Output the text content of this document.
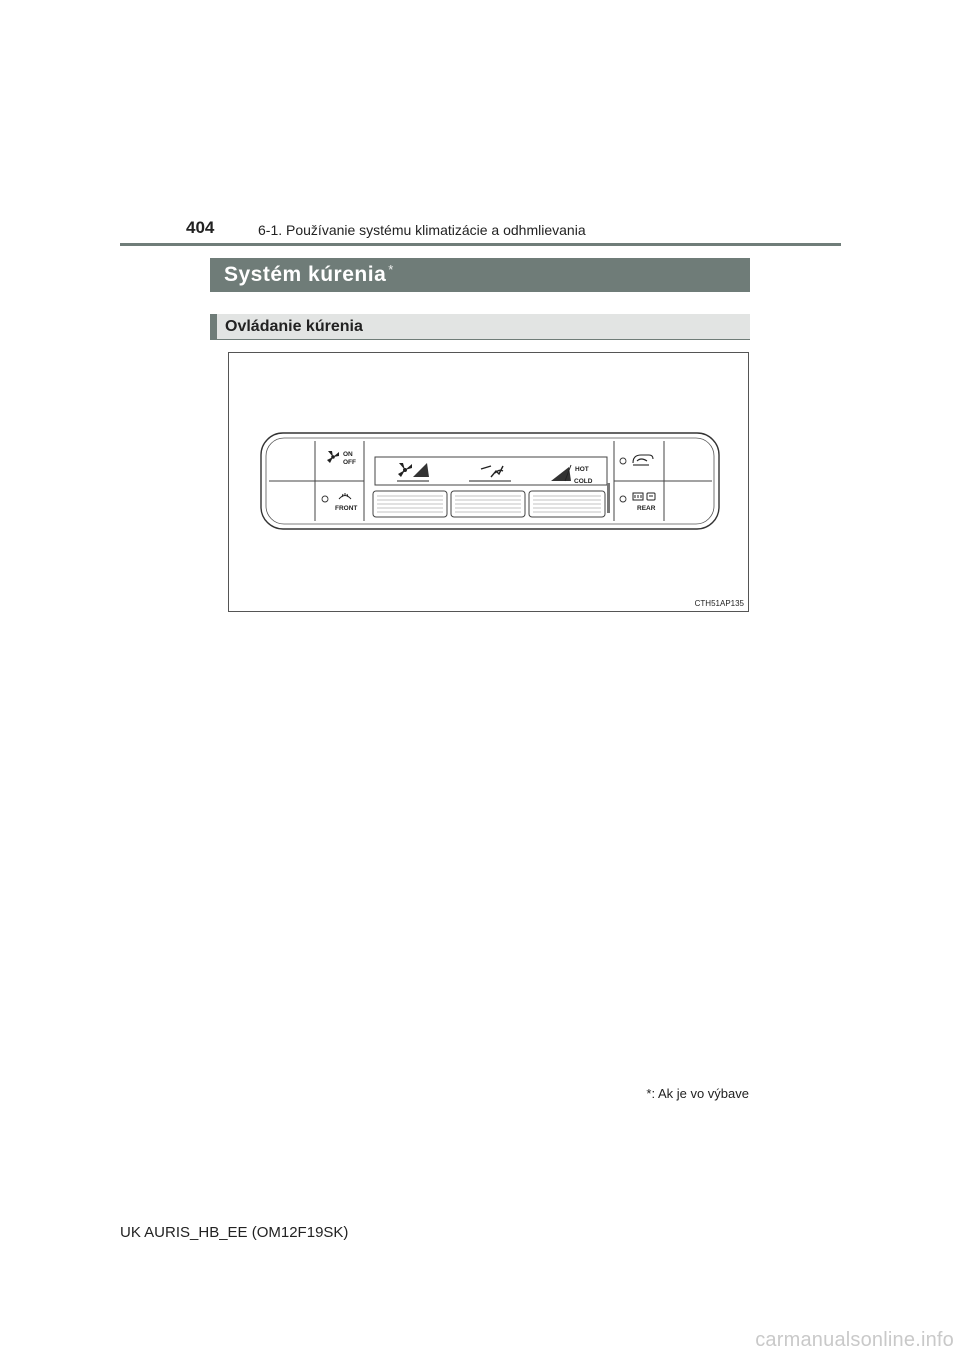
404	6-1. Používanie systému klimatizácie a odhmlievania
Systém kúrenia *
Ovládanie kúrenia
HOT
COLD
ON
OFF
FRONT	REAR
CTH51AP135
*: Ak je vo výbave
UK AURIS_HB_EE (OM12F19SK)
carmanualsonline.info
